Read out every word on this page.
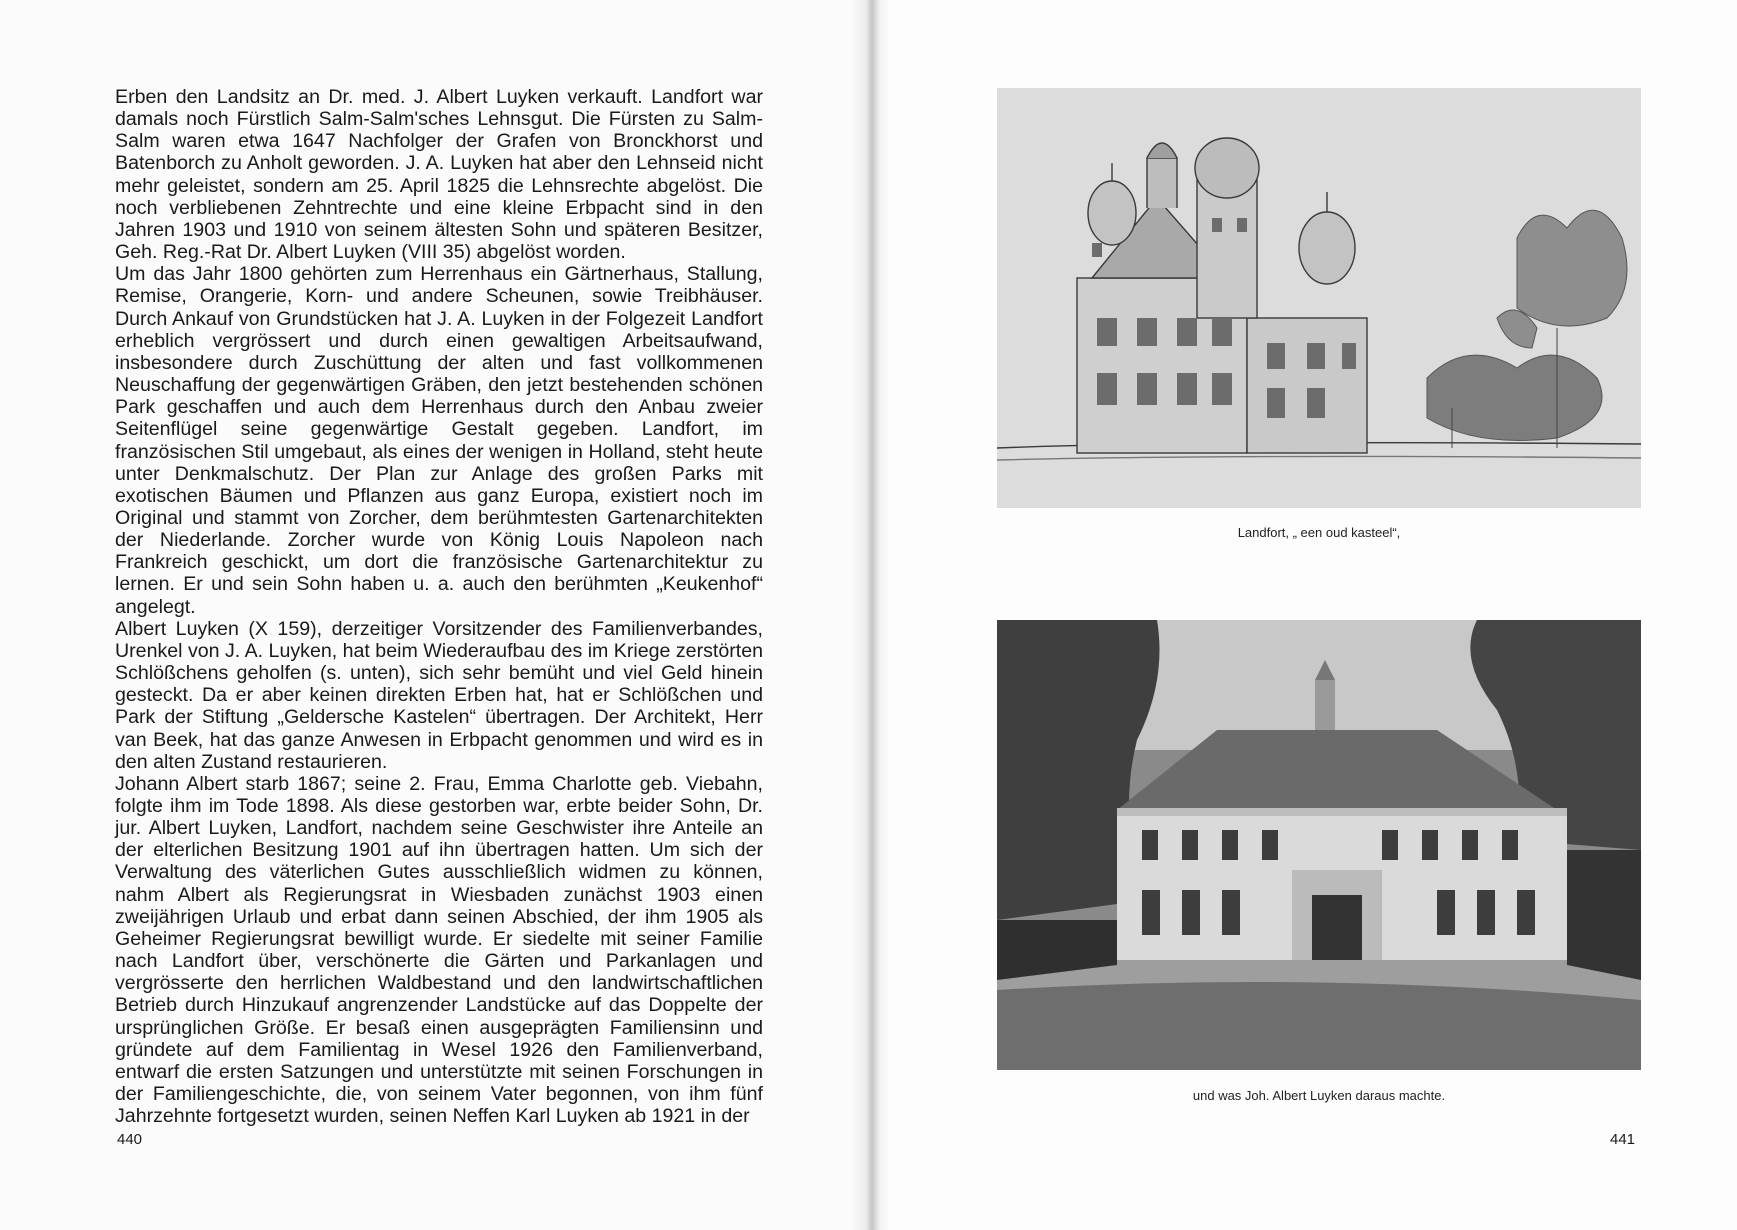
Erben den Landsitz an Dr. med. J. Albert Luyken verkauft. Landfort war damals noch Fürstlich Salm-Salm'sches Lehnsgut. Die Fürsten zu Salm-Salm waren etwa 1647 Nachfolger der Grafen von Bronckhorst und Batenborch zu Anholt geworden. J. A. Luyken hat aber den Lehnseid nicht mehr geleistet, sondern am 25. April 1825 die Lehnsrechte abgelöst. Die noch verbliebenen Zehntrechte und eine kleine Erbpacht sind in den Jahren 1903 und 1910 von seinem ältesten Sohn und späteren Besitzer, Geh. Reg.-Rat Dr. Albert Luyken (VIII 35) abgelöst worden.

Um das Jahr 1800 gehörten zum Herrenhaus ein Gärtnerhaus, Stallung, Remise, Orangerie, Korn- und andere Scheunen, sowie Treibhäuser. Durch Ankauf von Grundstücken hat J. A. Luyken in der Folgezeit Landfort erheblich vergrössert und durch einen gewaltigen Arbeitsaufwand, insbesondere durch Zuschüttung der alten und fast vollkommenen Neuschaffung der gegenwärtigen Gräben, den jetzt bestehenden schönen Park geschaffen und auch dem Herrenhaus durch den Anbau zweier Seitenflügel seine gegenwärtige Gestalt gegeben. Landfort, im französischen Stil umgebaut, als eines der wenigen in Holland, steht heute unter Denkmalschutz. Der Plan zur Anlage des großen Parks mit exotischen Bäumen und Pflanzen aus ganz Europa, existiert noch im Original und stammt von Zorcher, dem berühmtesten Gartenarchitekten der Niederlande. Zorcher wurde von König Louis Napoleon nach Frankreich geschickt, um dort die französische Gartenarchitektur zu lernen. Er und sein Sohn haben u. a. auch den berühmten „Keukenhof“ angelegt.

Albert Luyken (X 159), derzeitiger Vorsitzender des Familienverbandes, Urenkel von J. A. Luyken, hat beim Wiederaufbau des im Kriege zerstörten Schlößchens geholfen (s. unten), sich sehr bemüht und viel Geld hinein gesteckt. Da er aber keinen direkten Erben hat, hat er Schlößchen und Park der Stiftung „Geldersche Kastelen“ übertragen. Der Architekt, Herr van Beek, hat das ganze Anwesen in Erbpacht genommen und wird es in den alten Zustand restaurieren.

Johann Albert starb 1867; seine 2. Frau, Emma Charlotte geb. Viebahn, folgte ihm im Tode 1898. Als diese gestorben war, erbte beider Sohn, Dr. jur. Albert Luyken, Landfort, nachdem seine Geschwister ihre Anteile an der elterlichen Besitzung 1901 auf ihn übertragen hatten. Um sich der Verwaltung des väterlichen Gutes ausschließlich widmen zu können, nahm Albert als Regierungsrat in Wiesbaden zunächst 1903 einen zweijährigen Urlaub und erbat dann seinen Abschied, der ihm 1905 als Geheimer Regierungsrat bewilligt wurde. Er siedelte mit seiner Familie nach Landfort über, verschönerte die Gärten und Parkanlagen und vergrösserte den herrlichen Waldbestand und den landwirtschaftlichen Betrieb durch Hinzukauf angrenzender Landstücke auf das Doppelte der ursprünglichen Größe. Er besaß einen ausgeprägten Familiensinn und gründete auf dem Familientag in Wesel 1926 den Familienverband, entwarf die ersten Satzungen und unterstützte mit seinen Forschungen in der Familiengeschichte, die, von seinem Vater begonnen, von ihm fünf Jahrzehnte fortgesetzt wurden, seinen Neffen Karl Luyken ab 1921 in der

440
Landfort, „ een oud kasteel“,
und was Joh. Albert Luyken daraus machte.
441
